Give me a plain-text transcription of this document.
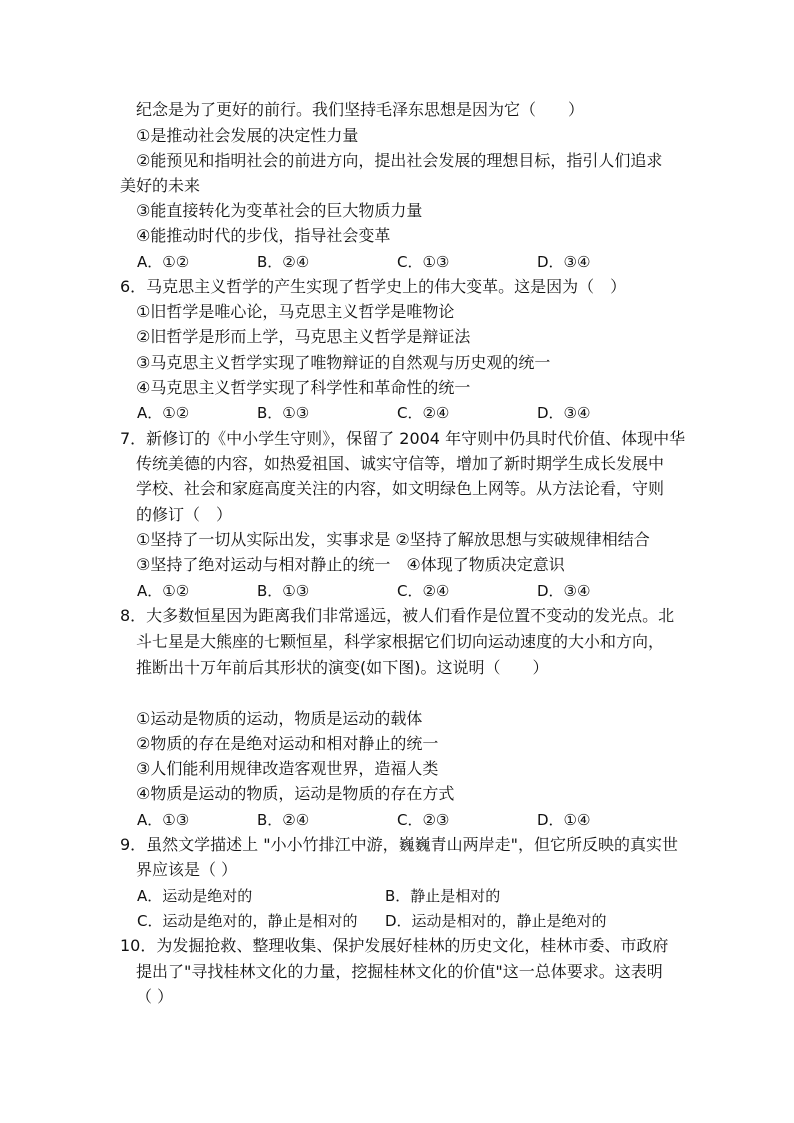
纪念是为了更好的前行。我们坚持毛泽东思想是因为它（　　）
①是推动社会发展的决定性力量
②能预见和指明社会的前进方向，提出社会发展的理想目标，指引人们追求
美好的未来
③能直接转化为变革社会的巨大物质力量
④能推动时代的步伐，指导社会变革
A．①②	B．②④	C．①③	D．③④
6．马克思主义哲学的产生实现了哲学史上的伟大变革。这是因为（　）
①旧哲学是唯心论，马克思主义哲学是唯物论
②旧哲学是形而上学，马克思主义哲学是辩证法
③马克思主义哲学实现了唯物辩证的自然观与历史观的统一
④马克思主义哲学实现了科学性和革命性的统一
A．①②	B．①③	C．②④	D．③④
7．新修订的《中小学生守则》，保留了 2004 年守则中仍具时代价值、体现中华
传统美德的内容，如热爱祖国、诚实守信等，增加了新时期学生成长发展中
学校、社会和家庭高度关注的内容，如文明绿色上网等。从方法论看，守则
的修订（　）
①坚持了一切从实际出发，实事求是 ②坚持了解放思想与实破规律相结合
③坚持了绝对运动与相对静止的统一　④体现了物质决定意识
A．①②	B．①③	C．②④	D．③④
8．大多数恒星因为距离我们非常遥远，被人们看作是位置不变动的发光点。北
斗七星是大熊座的七颗恒星，科学家根据它们切向运动速度的大小和方向，
推断出十万年前后其形状的演变(如下图)。这说明（　　）
①运动是物质的运动，物质是运动的载体
②物质的存在是绝对运动和相对静止的统一
③人们能利用规律改造客观世界，造福人类
④物质是运动的物质，运动是物质的存在方式
A．①③	B．②④	C．②③	D．①④
9．虽然文学描述上 "小小竹排江中游，巍巍青山两岸走"，但它所反映的真实世
界应该是（ ）
A．运动是绝对的	B．静止是相对的
C．运动是绝对的，静止是相对的 D．运动是相对的，静止是绝对的
10．为发掘抢救、整理收集、保护发展好桂林的历史文化，桂林市委、市政府
提出了"寻找桂林文化的力量，挖掘桂林文化的价值"这一总体要求。这表明
（ ）
